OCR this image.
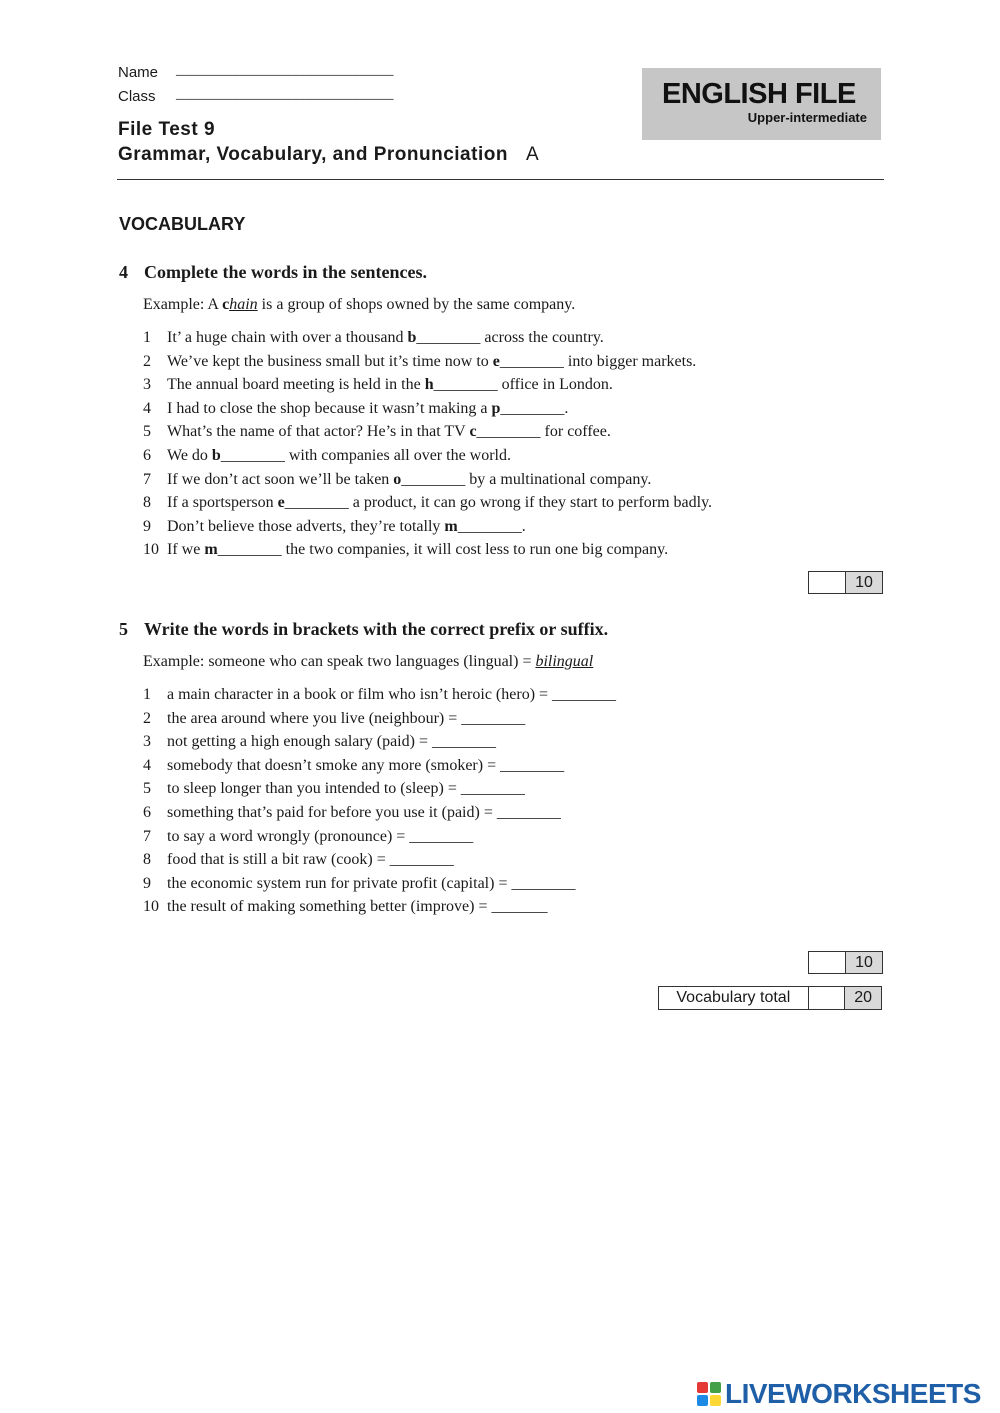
Name _____________________________
Class _____________________________
File Test 9
Grammar, Vocabulary, and Pronunciation A
ENGLISH FILE
Upper-intermediate
VOCABULARY
4 Complete the words in the sentences.
Example: A chain is a group of shops owned by the same company.
1 It’ a huge chain with over a thousand b________ across the country.
2 We’ve kept the business small but it’s time now to e________ into bigger markets.
3 The annual board meeting is held in the h________ office in London.
4 I had to close the shop because it wasn’t making a p________.
5 What’s the name of that actor? He’s in that TV c________ for coffee.
6 We do b________ with companies all over the world.
7 If we don’t act soon we’ll be taken o________ by a multinational company.
8 If a sportsperson e________ a product, it can go wrong if they start to perform badly.
9 Don’t believe those adverts, they’re totally m________.
10 If we m________ the two companies, it will cost less to run one big company.
10
5 Write the words in brackets with the correct prefix or suffix.
Example: someone who can speak two languages (lingual) = bilingual
1 a main character in a book or film who isn’t heroic (hero) = ________
2 the area around where you live (neighbour) = ________
3 not getting a high enough salary (paid) = ________
4 somebody that doesn’t smoke any more (smoker) = ________
5 to sleep longer than you intended to (sleep) = ________
6 something that’s paid for before you use it (paid) = ________
7 to say a word wrongly (pronounce) = ________
8 food that is still a bit raw (cook) = ________
9 the economic system run for private profit (capital) = ________
10 the result of making something better (improve) = _______
10
Vocabulary total	20
LIVEWORKSHEETS
